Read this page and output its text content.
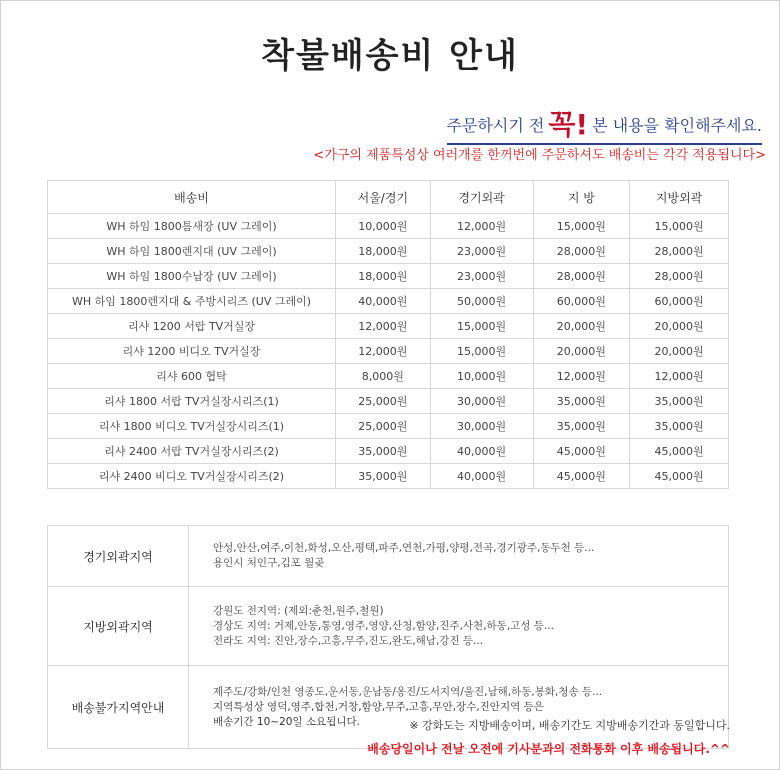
착불배송비 안내
주문하시기 전 꼭! 본 내용을 확인해주세요.
<가구의 제품특성상 여러개를 한꺼번에 주문하셔도 배송비는 각각 적용됩니다>
배송비	서울/경기	경기외곽	지 방	지방외곽
WH 하임 1800틈새장 (UV 그레이)	10,000원	12,000원	15,000원	15,000원
WH 하임 1800렌지대 (UV 그레이)	18,000원	23,000원	28,000원	28,000원
WH 하임 1800수납장 (UV 그레이)	18,000원	23,000원	28,000원	28,000원
WH 하임 1800렌지대 & 주방시리즈 (UV 그레이)	40,000원	50,000원	60,000원	60,000원
리샤 1200 서랍 TV거실장	12,000원	15,000원	20,000원	20,000원
리샤 1200 비디오 TV거실장	12,000원	15,000원	20,000원	20,000원
리샤 600 협탁	8,000원	10,000원	12,000원	12,000원
리샤 1800 서랍 TV거실장시리즈(1)	25,000원	30,000원	35,000원	35,000원
리샤 1800 비디오 TV거실장시리즈(1)	25,000원	30,000원	35,000원	35,000원
리샤 2400 서랍 TV거실장시리즈(2)	35,000원	40,000원	45,000원	45,000원
리샤 2400 비디오 TV거실장시리즈(2)	35,000원	40,000원	45,000원	45,000원
경기외곽지역	안성,안산,여주,이천,화성,오산,평택,파주,연천,가평,양평,전곡,경기광주,동두천 등...
용인시 처인구,김포 월곶

지방외곽지역	강원도 전지역: (제외:춘천,원주,철원)
경상도 지역: 거제,안동,통영,영주,영양,산청,함양,진주,사천,하동,고성 등...
전라도 지역: 진안,장수,고흥,무주,진도,완도,해남,강진 등...

배송불가지역안내	제주도/강화/인천 영종도,운서동,운남동/옹진/도서지역/울진,남해,하동,봉화,청송 등...
지역특성상 영덕,영주,합천,거창,함양,무주,고흥,무안,장수,진안지역 등은
배송기간 10~20일 소요됩니다.	※ 강화도는 지방배송이며, 배송기간도 지방배송기간과 동일합니다.
배송당일이나 전날 오전에 기사분과의 전화통화 이후 배송됩니다.^^
